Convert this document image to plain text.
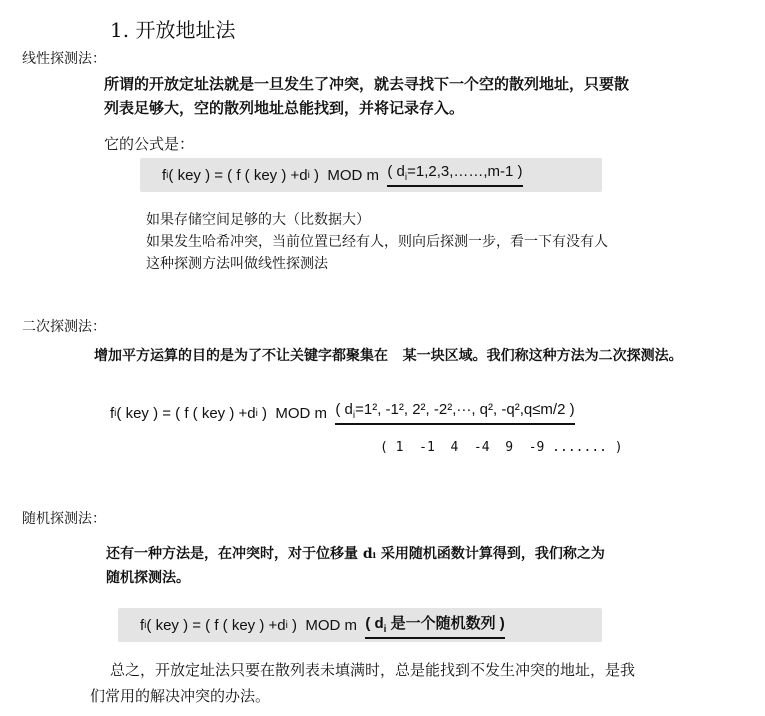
1. 开放地址法
线性探测法：
所谓的开放定址法就是一旦发生了冲突，就去寻找下一个空的散列地址，只要散
列表足够大，空的散列地址总能找到，并将记录存入。
它的公式是：
f i ( key ) = ( f ( key ) +d i )  MOD m ( $d_i=1,2,3,\dots\dots,m-1$ )
如果存储空间足够的大（比数据大）
如果发生哈希冲突，当前位置已经有人，则向后探测一步，看一下有没有人
这种探测方法叫做线性探测法
二次探测法：
增加平方运算的目的是为了不让关键字都聚集在   某一块区域。我们称这种方法为二次探测法。
f i ( key ) = ( f ( key ) +d i )  MOD m ( $d_i=1^2$, -1², 2², -2²,···, q², -q²,q≤m/2 )
( 1  -1  4  -4  9  -9 ....... )
随机探测法：
还有一种方法是，在冲突时，对于位移量 dᵢ 采用随机函数计算得到，我们称之为
随机探测法。
f i ( key ) = ( f ( key ) +d i )  MOD m ( $d_i$ 是一个随机数列 )
总之，开放定址法只要在散列表未填满时，总是能找到不发生冲突的地址，是我
们常用的解决冲突的办法。
